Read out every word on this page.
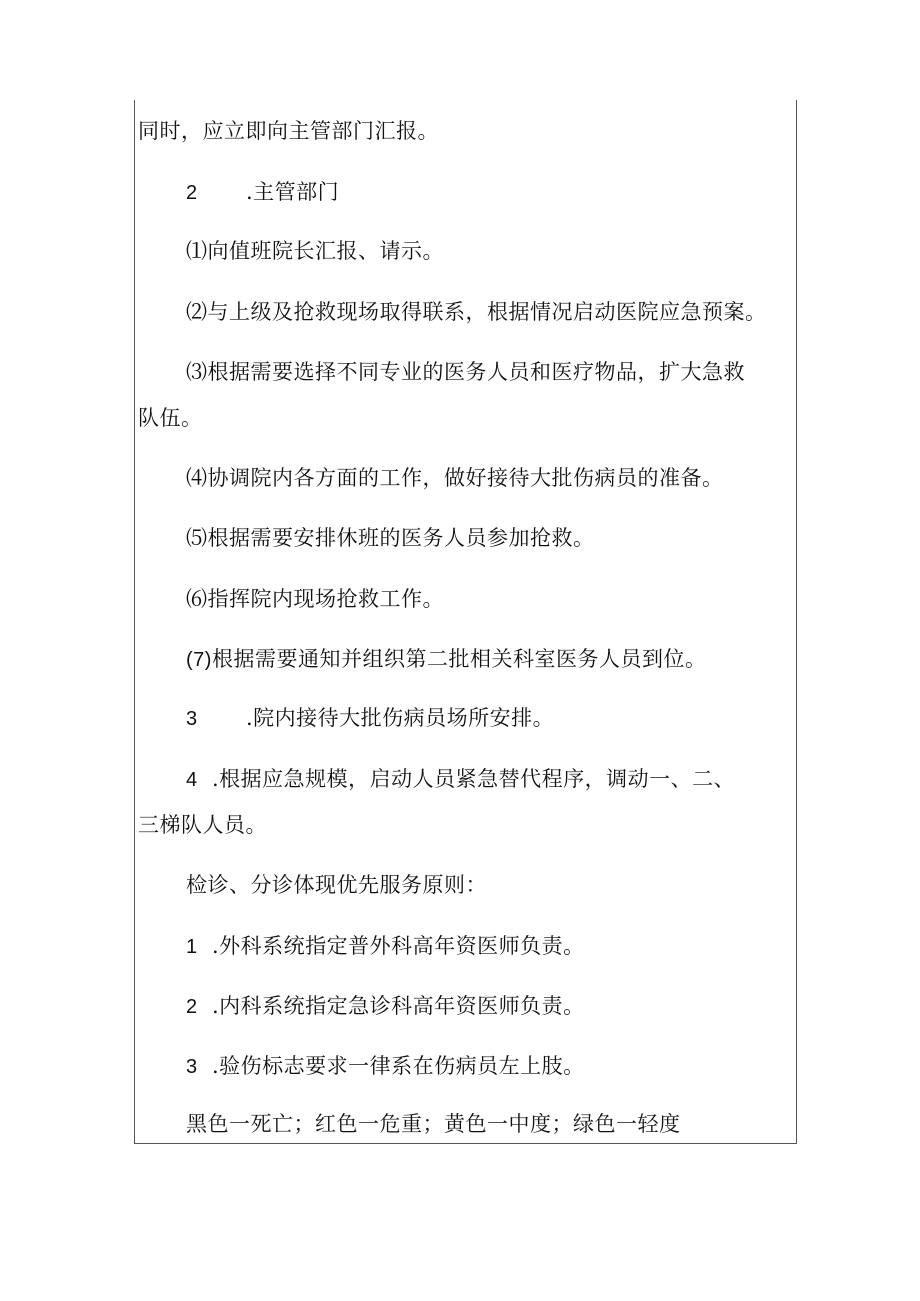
同时，应立即向主管部门汇报。
2 .主管部门
⑴向值班院长汇报、请示。
⑵与上级及抢救现场取得联系，根据情况启动医院应急预案。
⑶根据需要选择不同专业的医务人员和医疗物品，扩大急救
队伍。
⑷协调院内各方面的工作，做好接待大批伤病员的准备。
⑸根据需要安排休班的医务人员参加抢救。
⑹指挥院内现场抢救工作。
(7)根据需要通知并组织第二批相关科室医务人员到位。
3 .院内接待大批伤病员场所安排。
4 .根据应急规模，启动人员紧急替代程序，调动一、二、
三梯队人员。
检诊、分诊体现优先服务原则：
1 .外科系统指定普外科高年资医师负责。
2 .内科系统指定急诊科高年资医师负责。
3 .验伤标志要求一律系在伤病员左上肢。
黑色一死亡；红色一危重；黄色一中度；绿色一轻度
